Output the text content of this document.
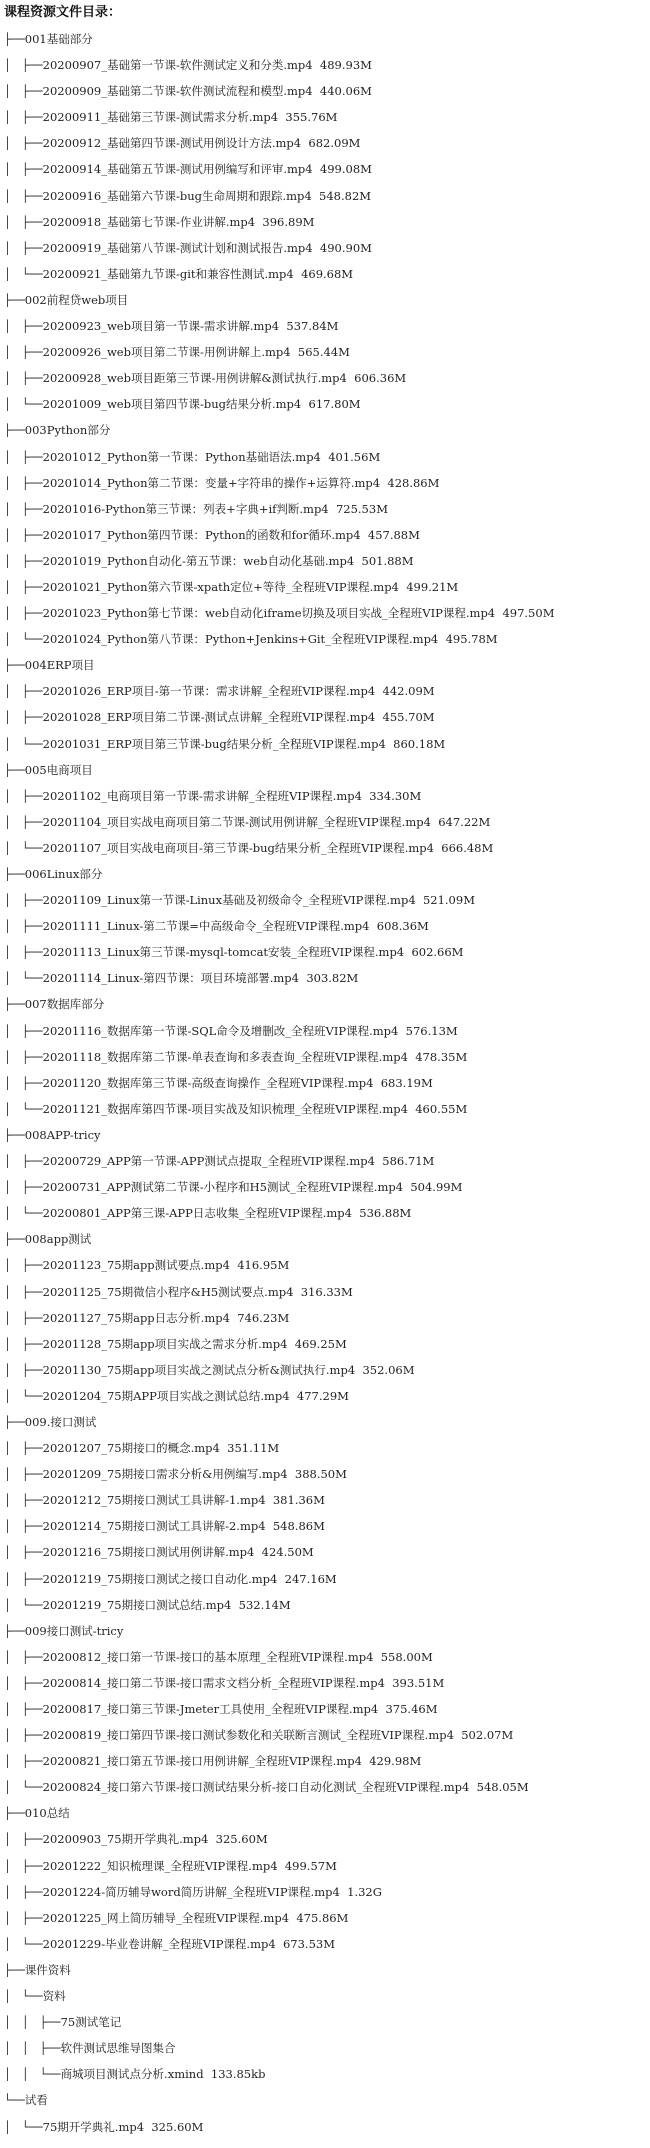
课程资源文件目录：
├──001基础部分
│   ├──20200907_基础第一节课-软件测试定义和分类.mp4 489.93M
│   ├──20200909_基础第二节课-软件测试流程和模型.mp4 440.06M
│   ├──20200911_基础第三节课-测试需求分析.mp4 355.76M
│   ├──20200912_基础第四节课-测试用例设计方法.mp4 682.09M
│   ├──20200914_基础第五节课-测试用例编写和评审.mp4 499.08M
│   ├──20200916_基础第六节课-bug生命周期和跟踪.mp4 548.82M
│   ├──20200918_基础第七节课-作业讲解.mp4 396.89M
│   ├──20200919_基础第八节课-测试计划和测试报告.mp4 490.90M
│   └──20200921_基础第九节课-git和兼容性测试.mp4 469.68M
├──002前程贷web项目
│   ├──20200923_web项目第一节课-需求讲解.mp4 537.84M
│   ├──20200926_web项目第二节课-用例讲解上.mp4 565.44M
│   ├──20200928_web项目距第三节课-用例讲解&测试执行.mp4 606.36M
│   └──20201009_web项目第四节课-bug结果分析.mp4 617.80M
├──003Python部分
│   ├──20201012_Python第一节课：Python基础语法.mp4 401.56M
│   ├──20201014_Python第二节课：变量+字符串的操作+运算符.mp4 428.86M
│   ├──20201016-Python第三节课：列表+字典+if判断.mp4 725.53M
│   ├──20201017_Python第四节课：Python的函数和for循环.mp4 457.88M
│   ├──20201019_Python自动化-第五节课：web自动化基础.mp4 501.88M
│   ├──20201021_Python第六节课-xpath定位+等待_全程班VIP课程.mp4 499.21M
│   ├──20201023_Python第七节课：web自动化iframe切换及项目实战_全程班VIP课程.mp4 497.50M
│   └──20201024_Python第八节课：Python+Jenkins+Git_全程班VIP课程.mp4 495.78M
├──004ERP项目
│   ├──20201026_ERP项目-第一节课：需求讲解_全程班VIP课程.mp4 442.09M
│   ├──20201028_ERP项目第二节课-测试点讲解_全程班VIP课程.mp4 455.70M
│   └──20201031_ERP项目第三节课-bug结果分析_全程班VIP课程.mp4 860.18M
├──005电商项目
│   ├──20201102_电商项目第一节课-需求讲解_全程班VIP课程.mp4 334.30M
│   ├──20201104_项目实战电商项目第二节课-测试用例讲解_全程班VIP课程.mp4 647.22M
│   └──20201107_项目实战电商项目-第三节课-bug结果分析_全程班VIP课程.mp4 666.48M
├──006Linux部分
│   ├──20201109_Linux第一节课-Linux基础及初级命令_全程班VIP课程.mp4 521.09M
│   ├──20201111_Linux-第二节课=中高级命令_全程班VIP课程.mp4 608.36M
│   ├──20201113_Linux第三节课-mysql-tomcat安装_全程班VIP课程.mp4 602.66M
│   └──20201114_Linux-第四节课：项目环境部署.mp4 303.82M
├──007数据库部分
│   ├──20201116_数据库第一节课-SQL命令及增删改_全程班VIP课程.mp4 576.13M
│   ├──20201118_数据库第二节课-单表查询和多表查询_全程班VIP课程.mp4 478.35M
│   ├──20201120_数据库第三节课-高级查询操作_全程班VIP课程.mp4 683.19M
│   └──20201121_数据库第四节课-项目实战及知识梳理_全程班VIP课程.mp4 460.55M
├──008APP-tricy
│   ├──20200729_APP第一节课-APP测试点提取_全程班VIP课程.mp4 586.71M
│   ├──20200731_APP测试第二节课-小程序和H5测试_全程班VIP课程.mp4 504.99M
│   └──20200801_APP第三课-APP日志收集_全程班VIP课程.mp4 536.88M
├──008app测试
│   ├──20201123_75期app测试要点.mp4 416.95M
│   ├──20201125_75期微信小程序&H5测试要点.mp4 316.33M
│   ├──20201127_75期app日志分析.mp4 746.23M
│   ├──20201128_75期app项目实战之需求分析.mp4 469.25M
│   ├──20201130_75期app项目实战之测试点分析&测试执行.mp4 352.06M
│   └──20201204_75期APP项目实战之测试总结.mp4 477.29M
├──009.接口测试
│   ├──20201207_75期接口的概念.mp4 351.11M
│   ├──20201209_75期接口需求分析&用例编写.mp4 388.50M
│   ├──20201212_75期接口测试工具讲解-1.mp4 381.36M
│   ├──20201214_75期接口测试工具讲解-2.mp4 548.86M
│   ├──20201216_75期接口测试用例讲解.mp4 424.50M
│   ├──20201219_75期接口测试之接口自动化.mp4 247.16M
│   └──20201219_75期接口测试总结.mp4 532.14M
├──009接口测试-tricy
│   ├──20200812_接口第一节课-接口的基本原理_全程班VIP课程.mp4 558.00M
│   ├──20200814_接口第二节课-接口需求文档分析_全程班VIP课程.mp4 393.51M
│   ├──20200817_接口第三节课-Jmeter工具使用_全程班VIP课程.mp4 375.46M
│   ├──20200819_接口第四节课-接口测试参数化和关联断言测试_全程班VIP课程.mp4 502.07M
│   ├──20200821_接口第五节课-接口用例讲解_全程班VIP课程.mp4 429.98M
│   └──20200824_接口第六节课-接口测试结果分析-接口自动化测试_全程班VIP课程.mp4 548.05M
├──010总结
│   ├──20200903_75期开学典礼.mp4 325.60M
│   ├──20201222_知识梳理课_全程班VIP课程.mp4 499.57M
│   ├──20201224-简历辅导word简历讲解_全程班VIP课程.mp4 1.32G
│   ├──20201225_网上简历辅导_全程班VIP课程.mp4 475.86M
│   └──20201229-毕业卷讲解_全程班VIP课程.mp4 673.53M
├──课件资料
│   └──资料
│   │   ├──75测试笔记
│   │   ├──软件测试思维导图集合
│   │   └──商城项目测试点分析.xmind 133.85kb
└──试看
│   └──75期开学典礼.mp4 325.60M
